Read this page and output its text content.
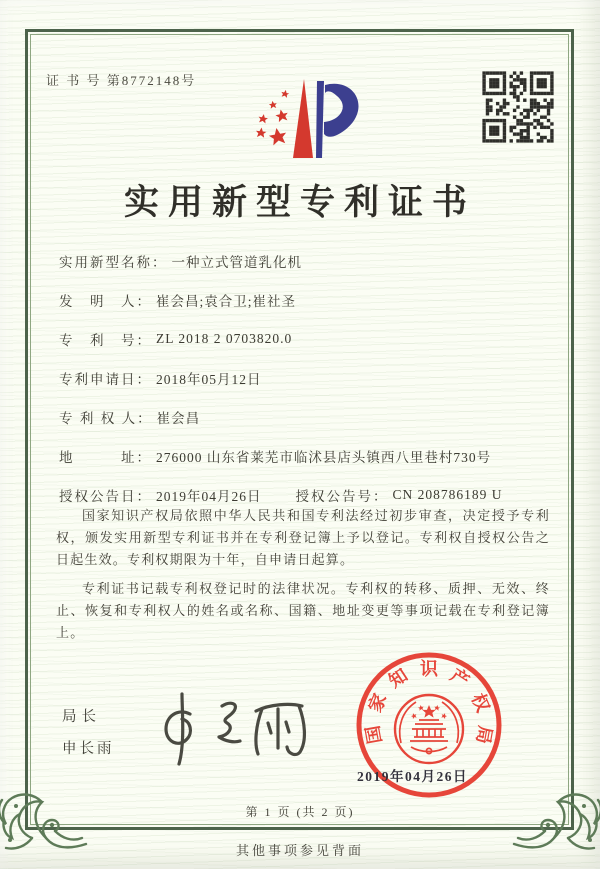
证 书 号 第8772148号
实用新型专利证书
实用新型名称： 一种立式管道乳化机
发　明　人： 崔会昌;袁合卫;崔社圣
专　利　号： ZL 2018 2 0703820.0
专利申请日： 2018年05月12日
专 利 权 人： 崔会昌
地　　　址： 276000 山东省莱芜市临沭县店头镇西八里巷村730号
授权公告日： 2019年04月26日	授权公告号： CN 208786189 U

国家知识产权局依照中华人民共和国专利法经过初步审查，决定授予专利权，颁发实用新型专利证书并在专利登记簿上予以登记。专利权自授权公告之日起生效。专利权期限为十年，自申请日起算。

专利证书记载专利权登记时的法律状况。专利权的转移、质押、无效、终止、恢复和专利权人的姓名或名称、国籍、地址变更等事项记载在专利登记簿上。

局长
申长雨
国
家
知 识 产
权
局
2019年04月26日
第 1 页 (共 2 页)
其他事项参见背面
